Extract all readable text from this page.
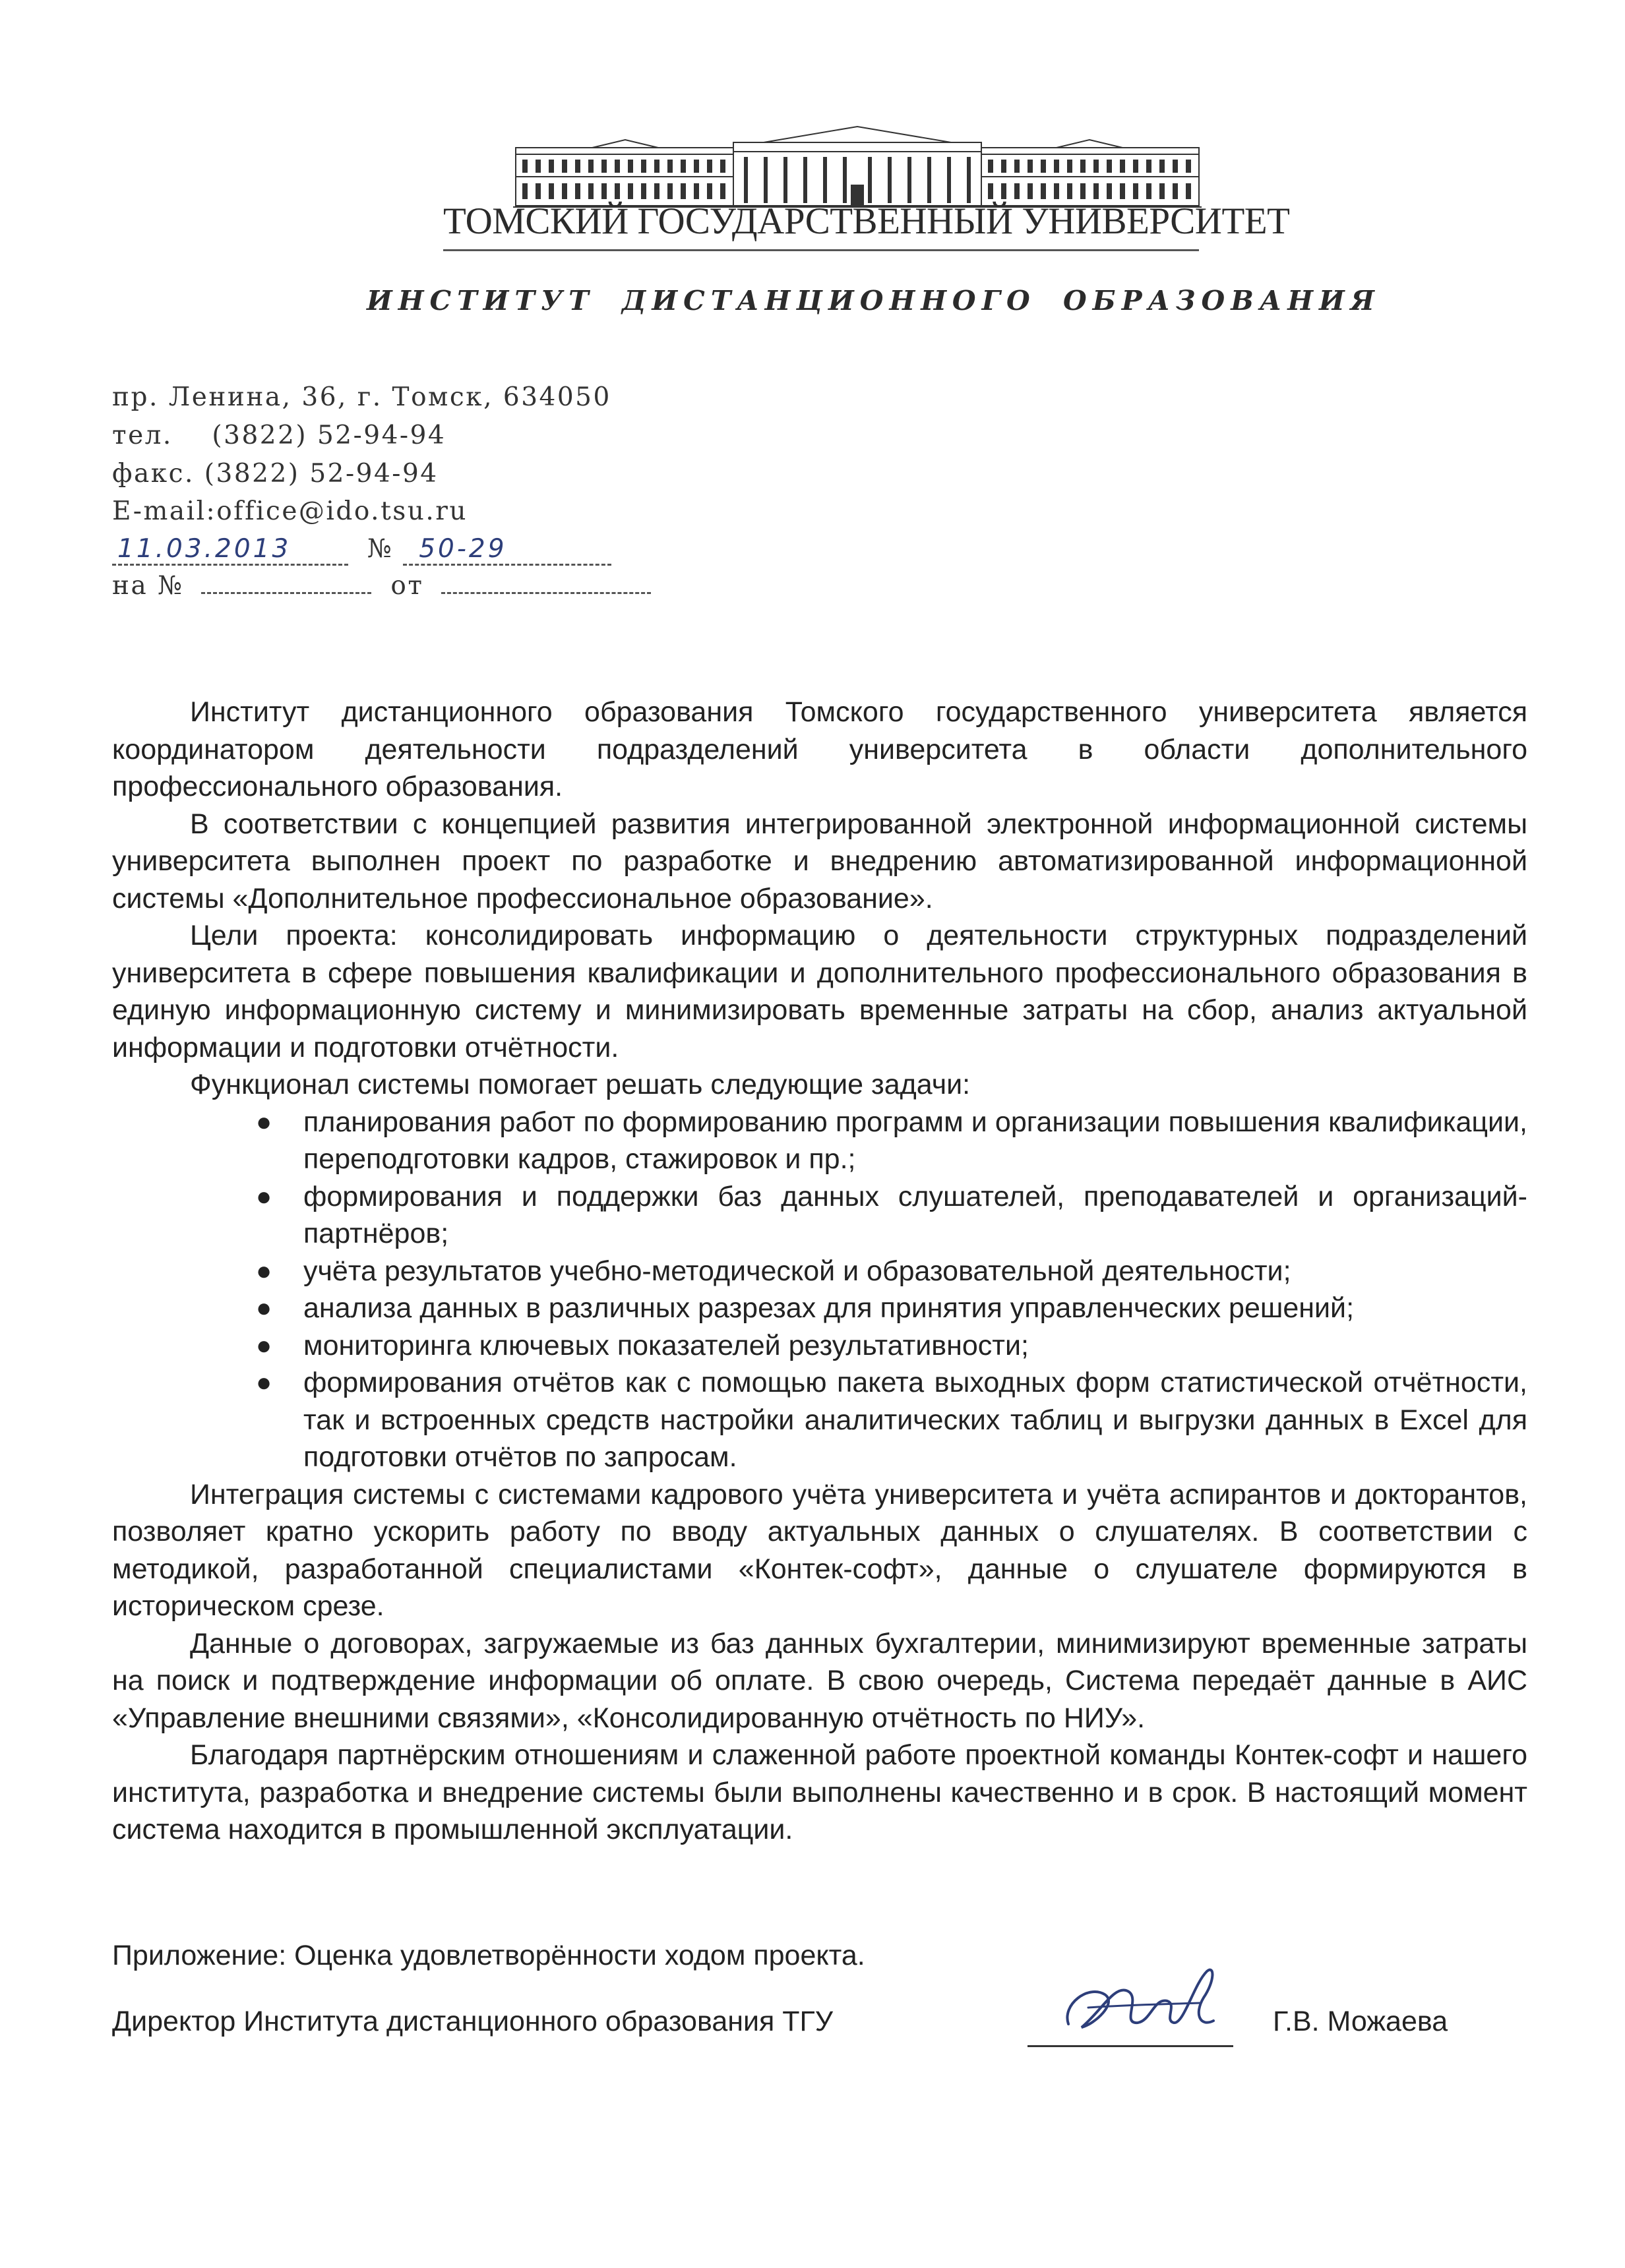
ТОМСКИЙ ГОСУДАРСТВЕННЫЙ УНИВЕРСИТЕТ
ИНСТИТУТ ДИСТАНЦИОННОГО ОБРАЗОВАНИЯ
пр. Ленина, 36, г. Томск, 634050
тел.    (3822) 52-94-94
факс. (3822) 52-94-94
E-mail:office@ido.tsu.ru
11.03.2013	№ 50-29
на №	от

Институт дистанционного образования Томского государственного университета является координатором деятельности подразделений университета в области дополнительного профессионального образования.

В соответствии с концепцией развития интегрированной электронной информационной системы университета выполнен проект по разработке и внедрению автоматизированной информационной системы «Дополнительное профессиональное образование».

Цели проекта: консолидировать информацию о деятельности структурных подразделений университета в сфере повышения квалификации и дополнительного профессионального образования в единую информационную систему и минимизировать временные затраты на сбор, анализ актуальной информации и подготовки отчётности.

Функционал системы помогает решать следующие задачи:

● планирования работ по формированию программ и организации повышения квалификации, переподготовки кадров, стажировок и пр.;
● формирования и поддержки баз данных слушателей, преподавателей и организаций-партнёров;
● учёта результатов учебно-методической и образовательной деятельности;
● анализа данных в различных разрезах для принятия управленческих решений;
● мониторинга ключевых показателей результативности;
● формирования отчётов как с помощью пакета выходных форм статистической отчётности, так и встроенных средств настройки аналитических таблиц и выгрузки данных в Excel для подготовки отчётов по запросам.

Интеграция системы с системами кадрового учёта университета и учёта аспирантов и докторантов, позволяет кратно ускорить работу по вводу актуальных данных о слушателях. В соответствии с методикой, разработанной специалистами «Контек-софт», данные о слушателе формируются в историческом срезе.

Данные о договорах, загружаемые из баз данных бухгалтерии, минимизируют временные затраты на поиск и подтверждение информации об оплате. В свою очередь, Система передаёт данные в АИС «Управление внешними связями», «Консолидированную отчётность по НИУ».

Благодаря партнёрским отношениям и слаженной работе проектной команды Контек-софт и нашего института, разработка и внедрение системы были выполнены качественно и в срок. В настоящий момент система находится в промышленной эксплуатации.

Приложение: Оценка удовлетворённости ходом проекта.
Директор Института дистанционного образования ТГУ	Г.В. Можаева
